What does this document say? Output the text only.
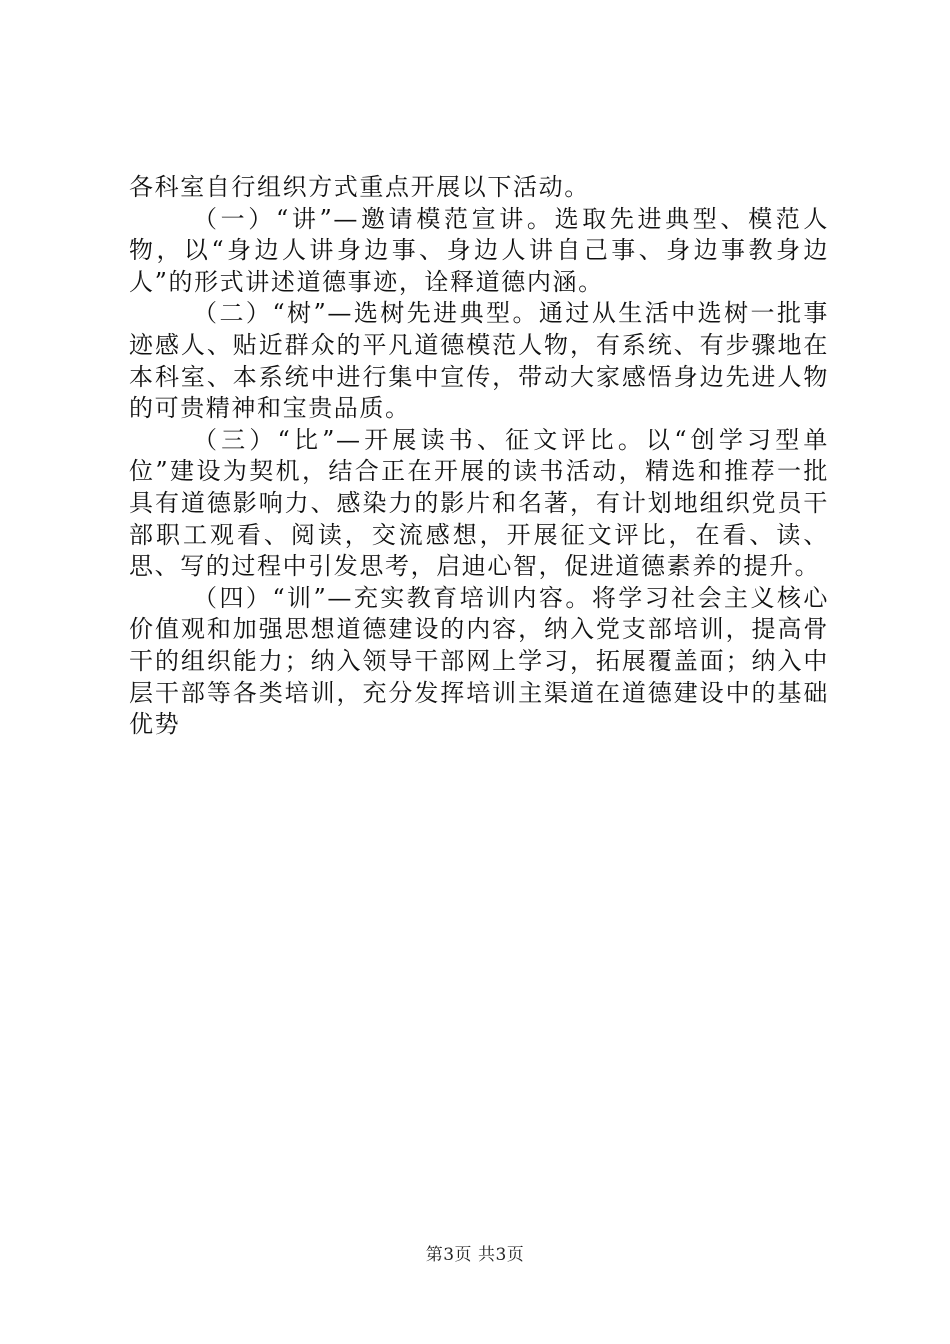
各科室自行组织方式重点开展以下活动。

（一）“讲”—邀请模范宣讲。选取先进典型、模范人物，以“身边人讲身边事、身边人讲自己事、身边事教身边人”的形式讲述道德事迹，诠释道德内涵。

（二）“树”—选树先进典型。通过从生活中选树一批事迹感人、贴近群众的平凡道德模范人物，有系统、有步骤地在本科室、本系统中进行集中宣传，带动大家感悟身边先进人物的可贵精神和宝贵品质。

（三）“比”—开展读书、征文评比。以“创学习型单位”建设为契机，结合正在开展的读书活动，精选和推荐一批具有道德影响力、感染力的影片和名著，有计划地组织党员干部职工观看、阅读，交流感想，开展征文评比，在看、读、思、写的过程中引发思考，启迪心智，促进道德素养的提升。

（四）“训”—充实教育培训内容。将学习社会主义核心价值观和加强思想道德建设的内容，纳入党支部培训，提高骨干的组织能力；纳入领导干部网上学习，拓展覆盖面；纳入中层干部等各类培训，充分发挥培训主渠道在道德建设中的基础优势

第3页 共3页
